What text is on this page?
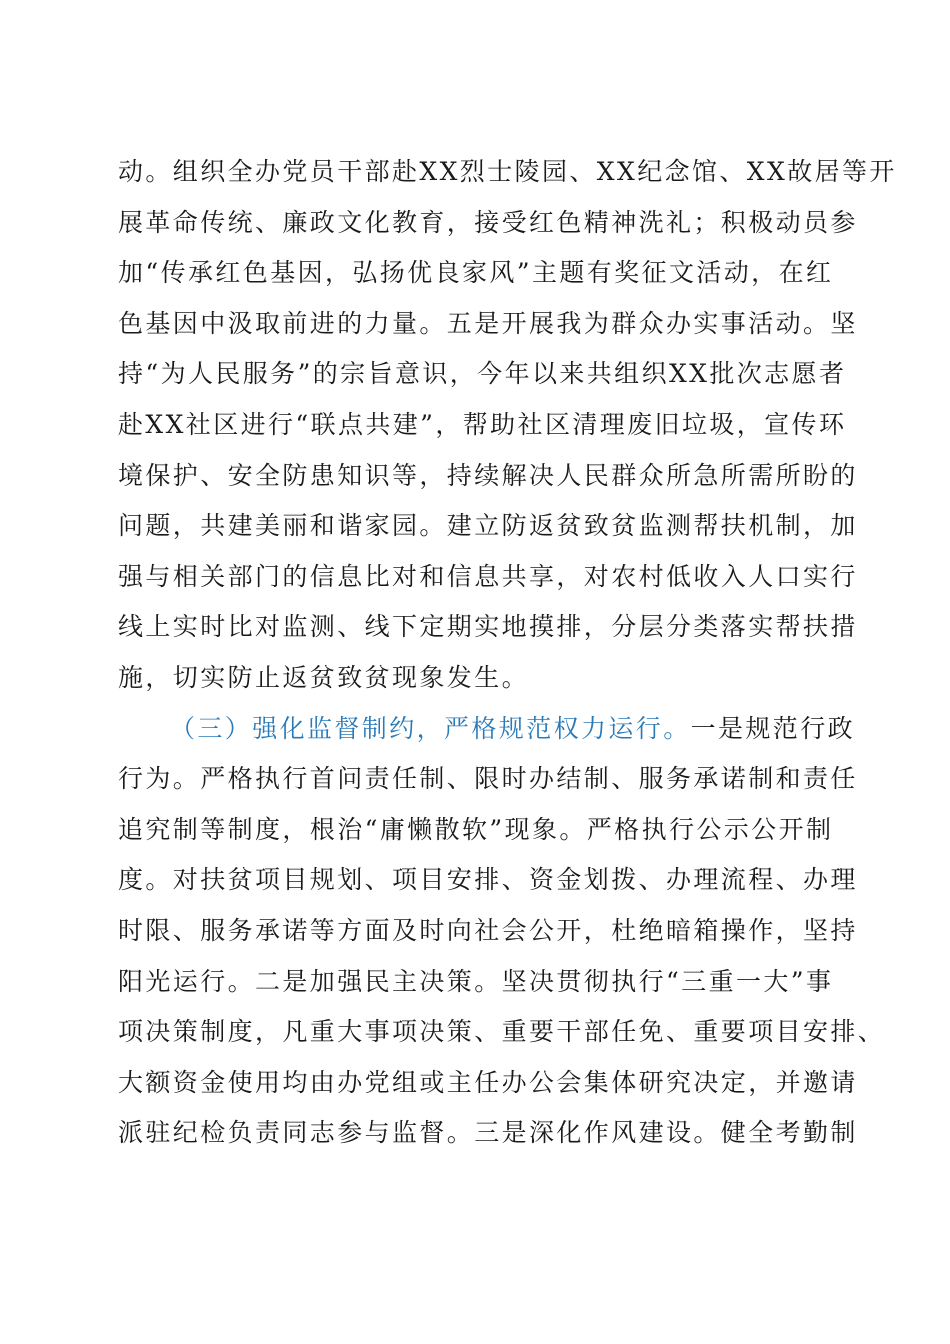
动。组织全办党员干部赴XX烈士陵园、XX纪念馆、XX故居等开
展革命传统、廉政文化教育，接受红色精神洗礼；积极动员参
加“传承红色基因，弘扬优良家风”主题有奖征文活动，在红
色基因中汲取前进的力量。五是开展我为群众办实事活动。坚
持“为人民服务”的宗旨意识，今年以来共组织XX批次志愿者
赴XX社区进行“联点共建”，帮助社区清理废旧垃圾，宣传环
境保护、安全防患知识等，持续解决人民群众所急所需所盼的
问题，共建美丽和谐家园。建立防返贫致贫监测帮扶机制，加
强与相关部门的信息比对和信息共享，对农村低收入人口实行
线上实时比对监测、线下定期实地摸排，分层分类落实帮扶措
施，切实防止返贫致贫现象发生。
（三）强化监督制约，严格规范权力运行。一是规范行政
行为。严格执行首问责任制、限时办结制、服务承诺制和责任
追究制等制度，根治“庸懒散软”现象。严格执行公示公开制
度。对扶贫项目规划、项目安排、资金划拨、办理流程、办理
时限、服务承诺等方面及时向社会公开，杜绝暗箱操作，坚持
阳光运行。二是加强民主决策。坚决贯彻执行“三重一大”事
项决策制度，凡重大事项决策、重要干部任免、重要项目安排、
大额资金使用均由办党组或主任办公会集体研究决定，并邀请
派驻纪检负责同志参与监督。三是深化作风建设。健全考勤制
